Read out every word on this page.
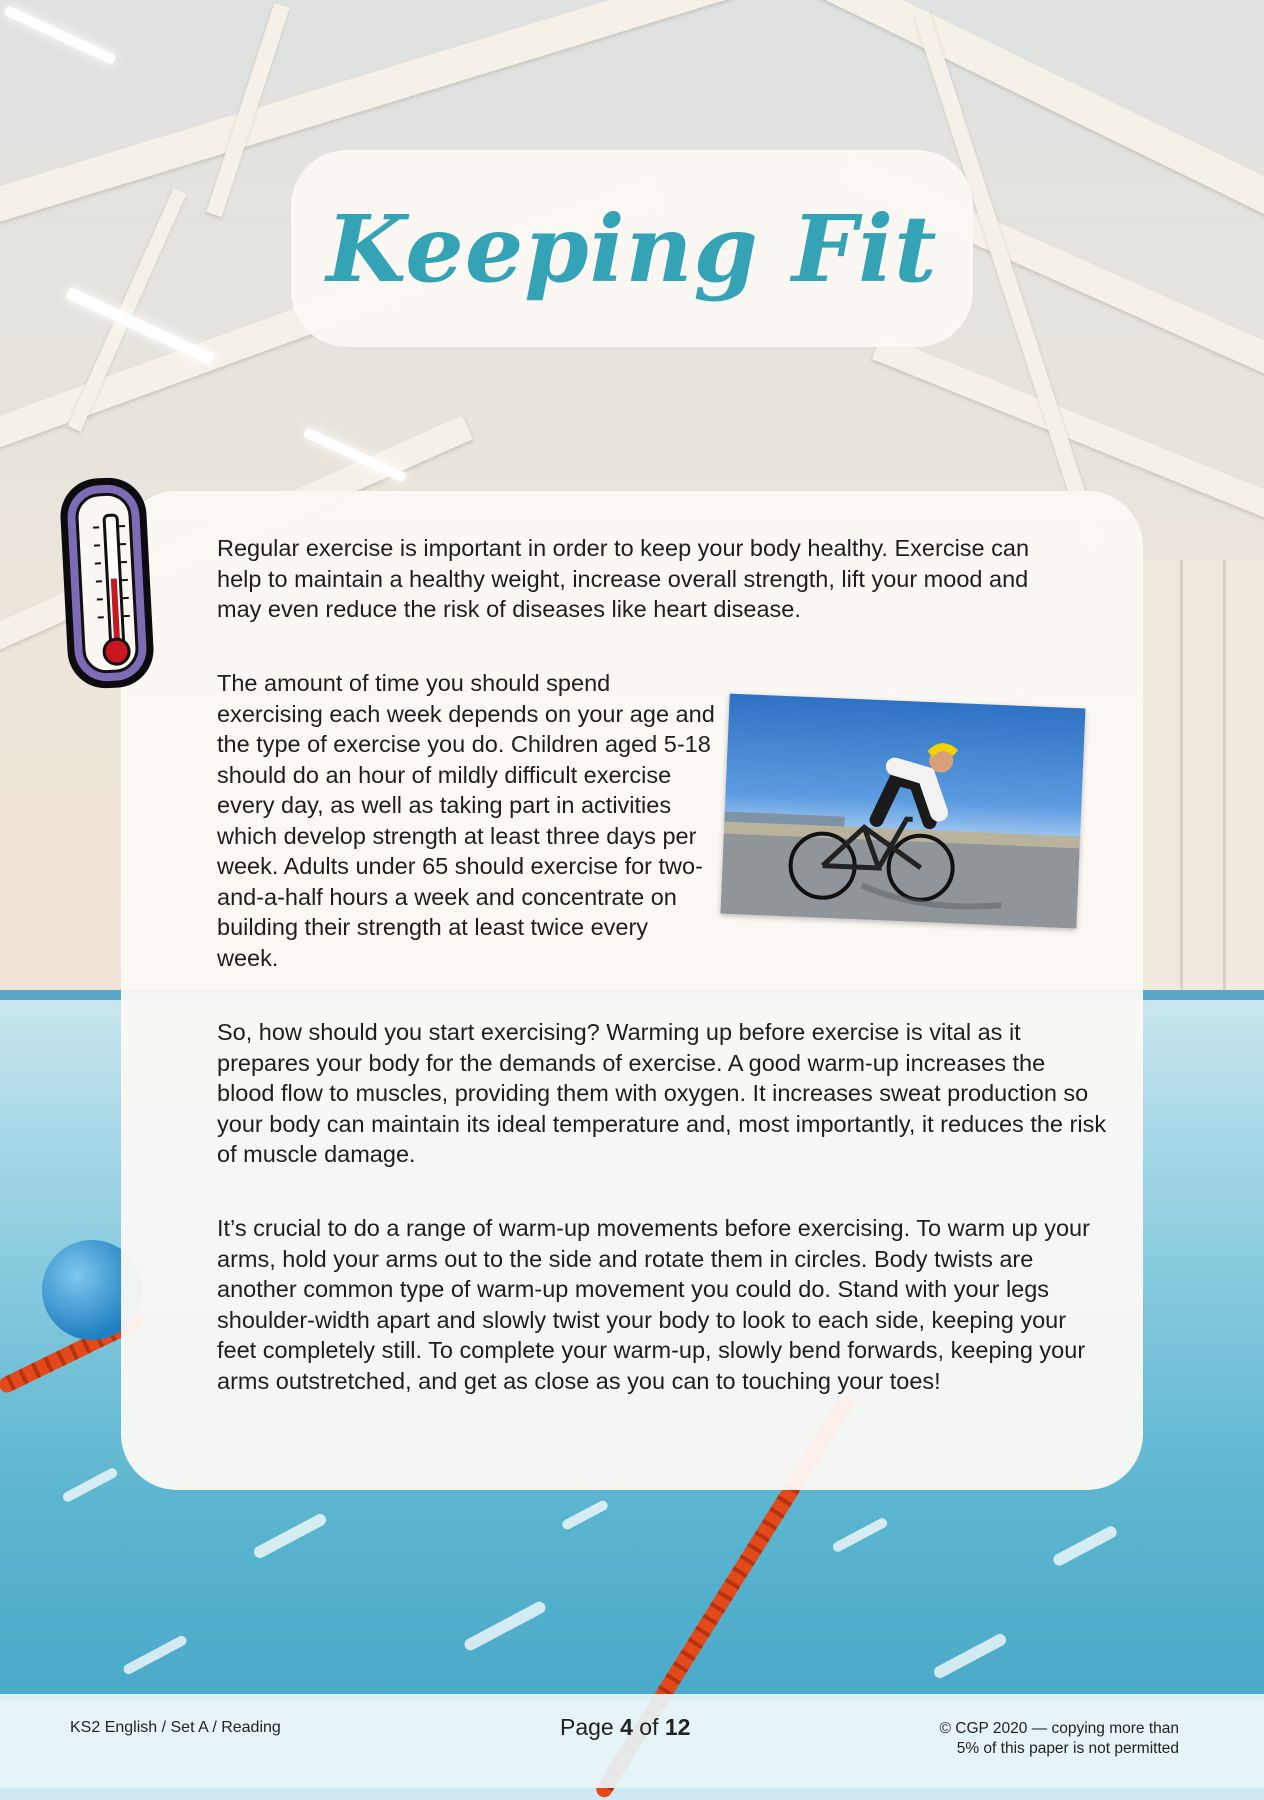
Keeping Fit

Regular exercise is important in order to keep your body healthy. Exercise can help to maintain a healthy weight, increase overall strength, lift your mood and may even reduce the risk of diseases like heart disease.

The amount of time you should spend exercising each week depends on your age and the type of exercise you do. Children aged 5-18 should do an hour of mildly difficult exercise every day, as well as taking part in activities which develop strength at least three days per week. Adults under 65 should exercise for two-and-a-half hours a week and concentrate on building their strength at least twice every week.

So, how should you start exercising? Warming up before exercise is vital as it prepares your body for the demands of exercise. A good warm-up increases the blood flow to muscles, providing them with oxygen. It increases sweat production so your body can maintain its ideal temperature and, most importantly, it reduces the risk of muscle damage.

It’s crucial to do a range of warm-up movements before exercising. To warm up your arms, hold your arms out to the side and rotate them in circles. Body twists are another common type of warm-up movement you could do. Stand with your legs shoulder-width apart and slowly twist your body to look to each side, keeping your feet completely still. To complete your warm-up, slowly bend forwards, keeping your arms outstretched, and get as close as you can to touching your toes!

KS2 English / Set A / Reading	Page 4 of 12	© CGP 2020 — copying more than
5% of this paper is not permitted
